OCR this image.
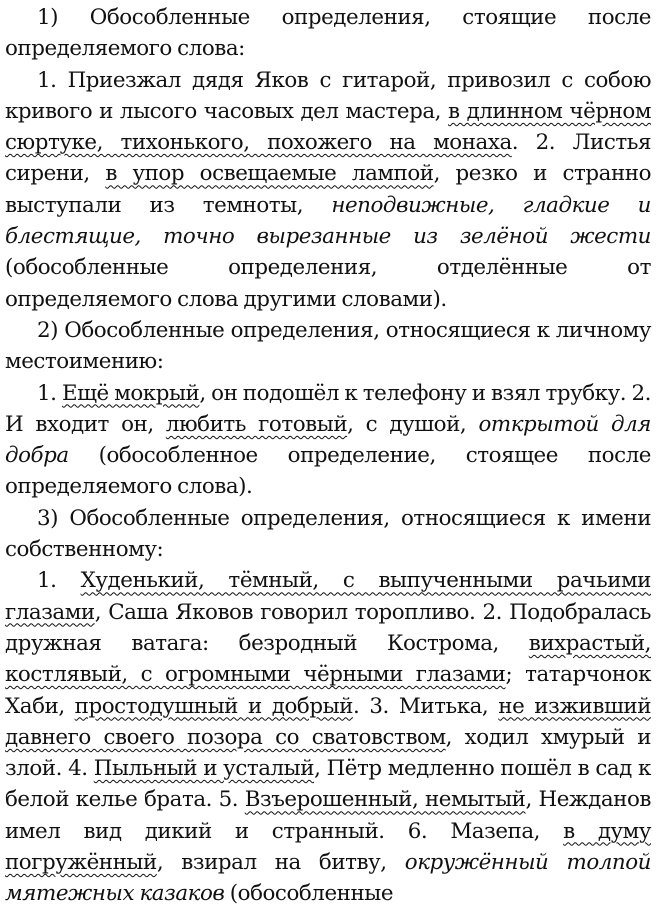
1) Обособленные определения, стоящие после определяемого слова:

1. Приезжал дядя Яков с гитарой, привозил с собою кривого и лысого часовых дел мастера, в длинном чёрном сюртуке, тихонького, похожего на монаха. 2. Листья сирени, в упор освещаемые лампой, резко и странно выступали из темноты, неподвижные, гладкие и блестящие, точно вырезанные из зелёной жести (обособленные определения, отделённые от определяемого слова другими словами).

2) Обособленные определения, относящиеся к личному местоимению:

1. Ещё мокрый, он подошёл к телефону и взял трубку. 2. И входит он, любить готовый, с душой, открытой для добра (обособленное определение, стоящее после определяемого слова).

3) Обособленные определения, относящиеся к имени собственному:

1. Худенький, тёмный, с выпученными рачьими глазами, Саша Яковов говорил торопливо. 2. Подобралась дружная ватага: безродный Кострома, вихрастый, костлявый, с огромными чёрными глазами; татарчонок Хаби, простодушный и добрый. 3. Митька, не изживший давнего своего позора со сватовством, ходил хмурый и злой. 4. Пыльный и усталый, Пётр медленно пошёл в сад к белой келье брата. 5. Взъерошенный, немытый, Нежданов имел вид дикий и странный. 6. Мазепа, в думу погружённый, взирал на битву, окружённый толпой мятежных казаков (обособленные
